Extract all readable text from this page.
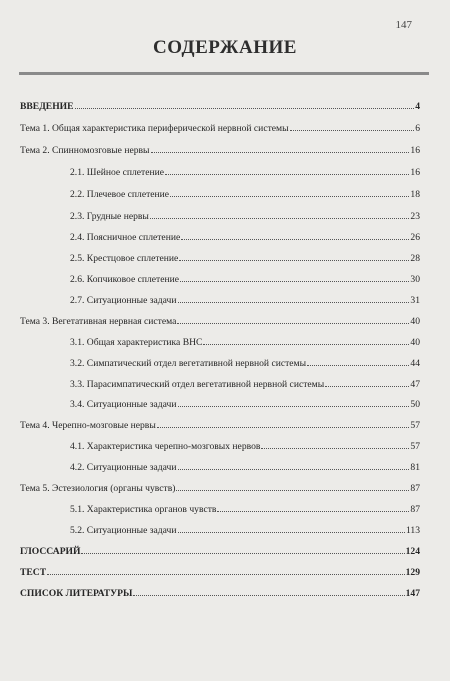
147
СОДЕРЖАНИЕ
ВВЕДЕНИЕ	4
Тема 1. Общая характеристика периферической нервной системы	6
Тема 2. Спинномозговые нервы	16
2.1. Шейное сплетение	16
2.2. Плечевое сплетение	18
2.3. Грудные нервы	23
2.4. Поясничное сплетение	26
2.5. Крестцовое сплетение	28
2.6. Копчиковое сплетение	30
2.7. Ситуационные задачи	31
Тема 3. Вегетативная нервная система	40
3.1. Общая характеристика ВНС	40
3.2. Симпатический отдел вегетативной нервной системы	44
3.3. Парасимпатический отдел вегетативной нервной системы	47
3.4. Ситуационные задачи	50
Тема 4. Черепно-мозговые нервы	57
4.1. Характеристика черепно-мозговых нервов	57
4.2. Ситуационные задачи	81
Тема 5. Эстезиология (органы чувств)	87
5.1. Характеристика органов чувств	87
5.2. Ситуационные задачи	113
ГЛОССАРИЙ	124
ТЕСТ	129
СПИСОК ЛИТЕРАТУРЫ	147
